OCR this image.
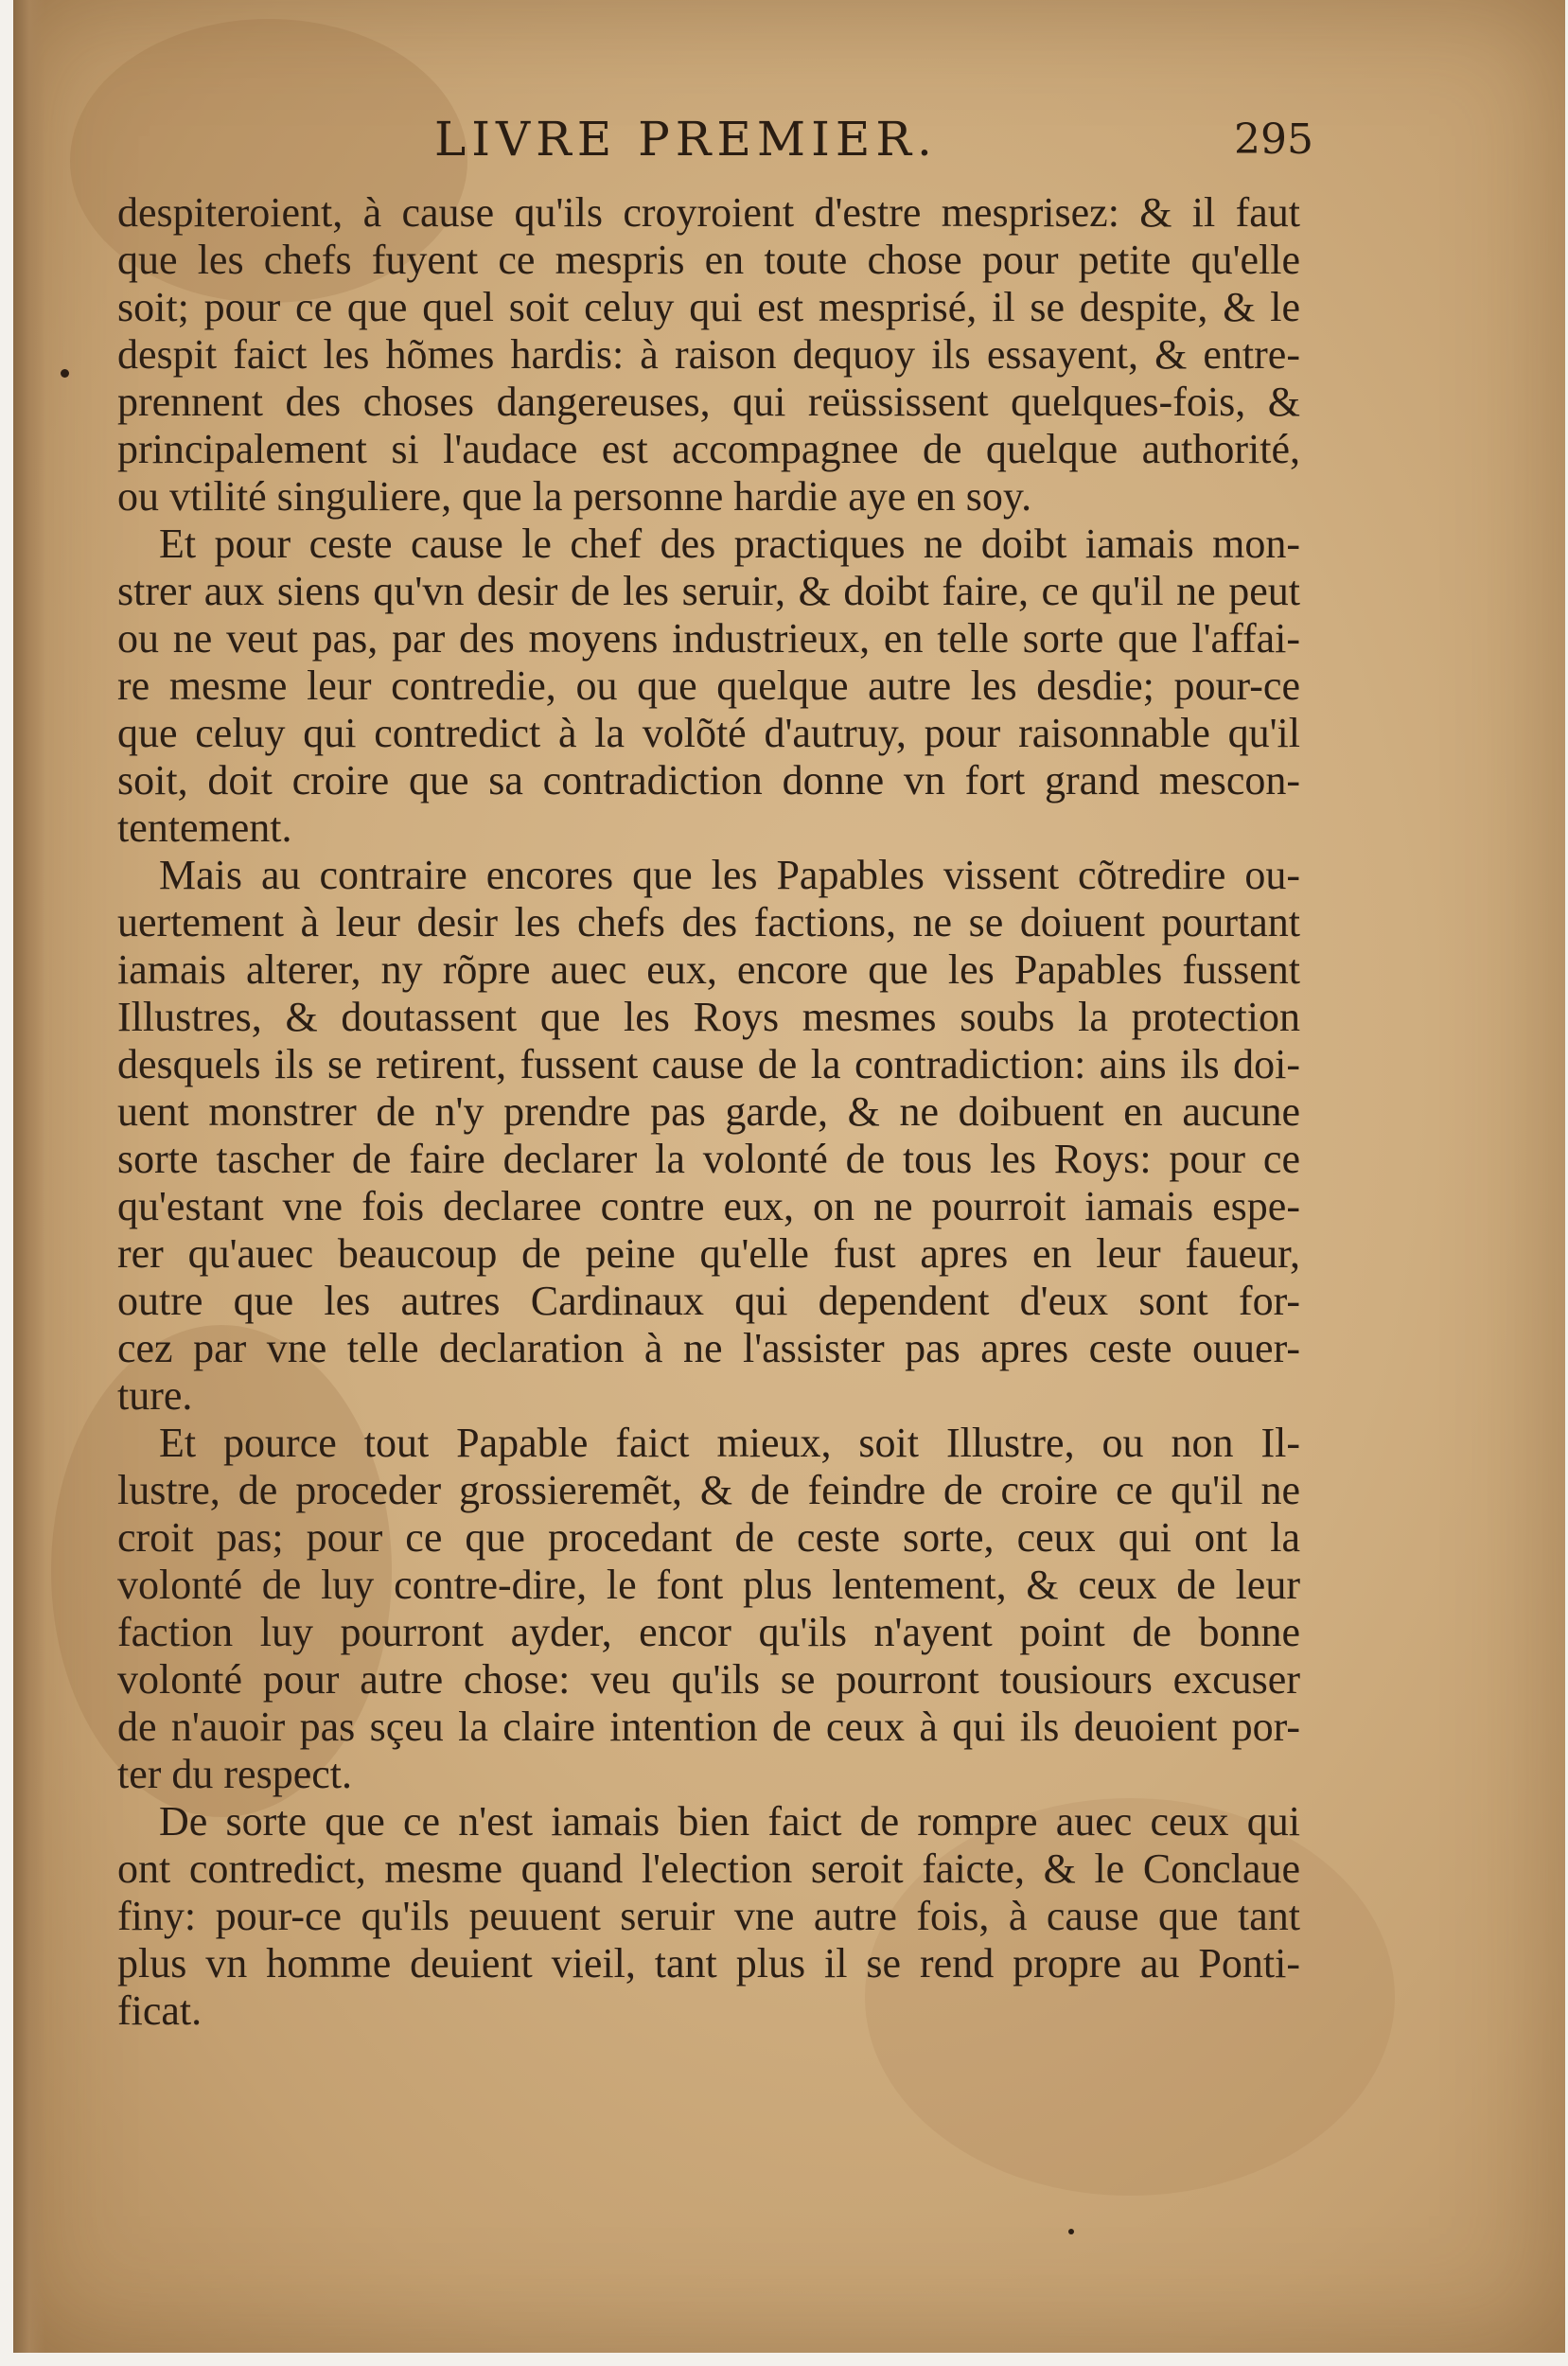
LIVRE PREMIER.	295
despiteroient, à cause qu'ils croyroient d'estre mesprisez: & il faut
que les chefs fuyent ce mespris en toute chose pour petite qu'elle
soit; pour ce que quel soit celuy qui est mesprisé, il se despite, & le
despit faict les hõmes hardis: à raison dequoy ils essayent, & entre-
prennent des choses dangereuses, qui reüssissent quelques-fois, &
principalement si l'audace est accompagnee de quelque authorité,
ou vtilité singuliere, que la personne hardie aye en soy.
Et pour ceste cause le chef des practiques ne doibt iamais mon-
strer aux siens qu'vn desir de les seruir, & doibt faire, ce qu'il ne peut
ou ne veut pas, par des moyens industrieux, en telle sorte que l'affai-
re mesme leur contredie, ou que quelque autre les desdie; pour-ce
que celuy qui contredict à la volõté d'autruy, pour raisonnable qu'il
soit, doit croire que sa contradiction donne vn fort grand mescon-
tentement.
Mais au contraire encores que les Papables vissent cõtredire ou-
uertement à leur desir les chefs des factions, ne se doiuent pourtant
iamais alterer, ny rõpre auec eux, encore que les Papables fussent
Illustres, & doutassent que les Roys mesmes soubs la protection
desquels ils se retirent, fussent cause de la contradiction: ains ils doi-
uent monstrer de n'y prendre pas garde, & ne doibuent en aucune
sorte tascher de faire declarer la volonté de tous les Roys: pour ce
qu'estant vne fois declaree contre eux, on ne pourroit iamais espe-
rer qu'auec beaucoup de peine qu'elle fust apres en leur faueur,
outre que les autres Cardinaux qui dependent d'eux sont for-
cez par vne telle declaration à ne l'assister pas apres ceste ouuer-
ture.
Et pource tout Papable faict mieux, soit Illustre, ou non Il-
lustre, de proceder grossieremẽt, & de feindre de croire ce qu'il ne
croit pas; pour ce que procedant de ceste sorte, ceux qui ont la
volonté de luy contre-dire, le font plus lentement, & ceux de leur
faction luy pourront ayder, encor qu'ils n'ayent point de bonne
volonté pour autre chose: veu qu'ils se pourront tousiours excuser
de n'auoir pas sçeu la claire intention de ceux à qui ils deuoient por-
ter du respect.
De sorte que ce n'est iamais bien faict de rompre auec ceux qui
ont contredict, mesme quand l'election seroit faicte, & le Conclaue
finy: pour-ce qu'ils peuuent seruir vne autre fois, à cause que tant
plus vn homme deuient vieil, tant plus il se rend propre au Ponti-
ficat.
